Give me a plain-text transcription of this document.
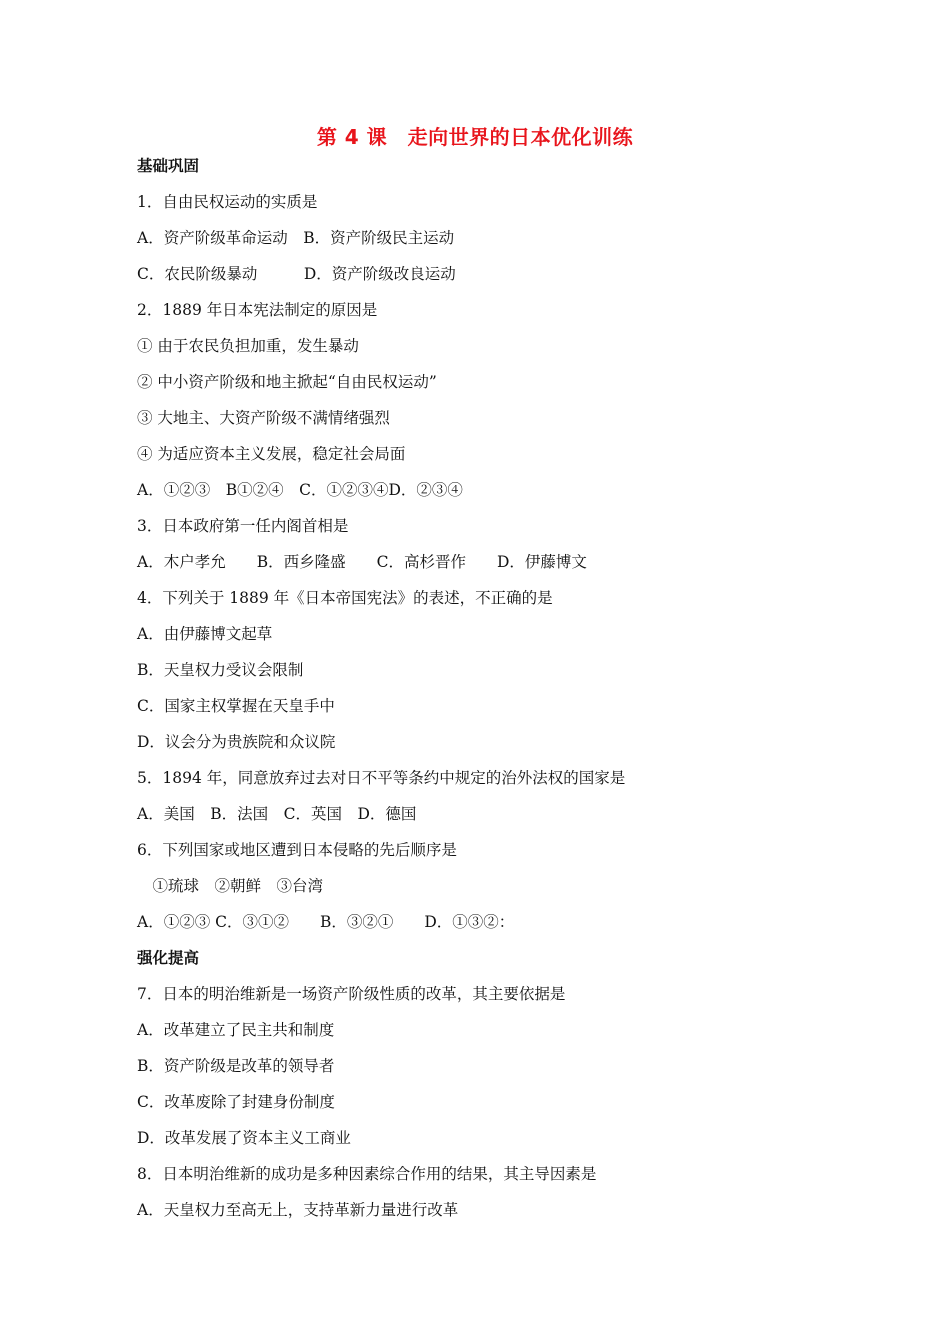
第 4 课　走向世界的日本优化训练
基础巩固
1．自由民权运动的实质是
A．资产阶级革命运动　B．资产阶级民主运动
C．农民阶级暴动　　　D．资产阶级改良运动
2．1889 年日本宪法制定的原因是
① 由于农民负担加重，发生暴动
② 中小资产阶级和地主掀起“自由民权运动”
③ 大地主、大资产阶级不满情绪强烈
④ 为适应资本主义发展，稳定社会局面
A．①②③　B①②④　C．①②③④D．②③④
3．日本政府第一任内阁首相是
A．木户孝允　　B．西乡隆盛　　C．高杉晋作　　D．伊藤博文
4．下列关于 1889 年《日本帝国宪法》的表述，不正确的是
A．由伊藤博文起草
B．天皇权力受议会限制
C．国家主权掌握在天皇手中
D．议会分为贵族院和众议院
5．1894 年，同意放弃过去对日不平等条约中规定的治外法权的国家是
A．美国　B．法国　C．英国　D．德国
6．下列国家或地区遭到日本侵略的先后顺序是
　①琉球　②朝鲜　③台湾
A．①②③ C．③①②　　B．③②①　　D．①③②：
强化提高
7．日本的明治维新是一场资产阶级性质的改革，其主要依据是
A．改革建立了民主共和制度
B．资产阶级是改革的领导者
C．改革废除了封建身份制度
D．改革发展了资本主义工商业
8．日本明治维新的成功是多种因素综合作用的结果，其主导因素是
A．天皇权力至高无上，支持革新力量进行改革
